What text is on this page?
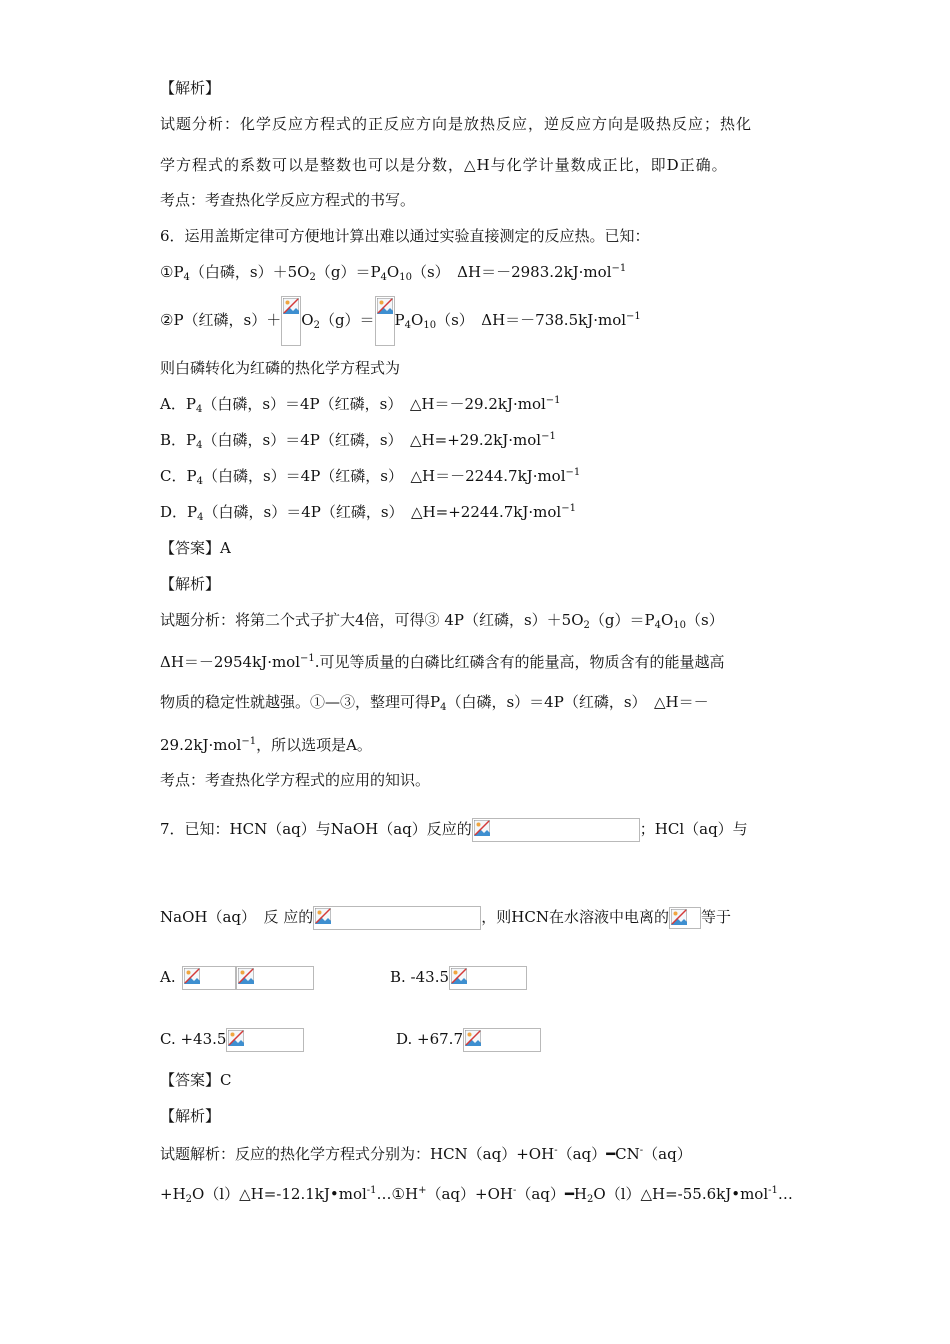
【解析】
试题分析：化学反应方程式的正反应方向是放热反应，逆反应方向是吸热反应；热化
学方程式的系数可以是整数也可以是分数，△H与化学计量数成正比，即D正确。
考点：考查热化学反应方程式的书写。
6．运用盖斯定律可方便地计算出难以通过实验直接测定的反应热。已知：
$①P_4$（白磷，$s)+5O_2(g)=P_4O_{10}(s)$　ΔH＝－2983.2kJ·mol$^{-1}$
②P（红磷，$s)+ O_2(g)= P_4O_{10}(s)$　ΔH＝－738.5kJ·mol$^{-1}$
则白磷转化为红磷的热化学方程式为
A．$P_4$（白磷，s）＝4P（红磷，s）　△H＝－29.2kJ·mol$^{-1}$
B．$P_4$（白磷，s）＝4P（红磷，s）　△H=+29.2kJ·mol$^{-1}$
C．$P_4$（白磷，s）＝4P（红磷，s）　△H＝－2244.7kJ·mol$^{-1}$
D．$P_4$（白磷，s）＝4P（红磷，s）　△H=+2244.7kJ·mol$^{-1}$
【答案】A
【解析】
试题分析：将第二个式子扩大4倍，可得③ 4P（红磷，$s)+5O_2(g)=P_4O_{10}(s)$
ΔH＝－2954kJ·mol$^{-1}$.可见等质量的白磷比红磷含有的能量高，物质含有的能量越高
物质的稳定性就越强。①—③，整理可得$P_4$（白磷，s）＝4P（红磷，s）　△H＝－
29.2kJ·mol$^{-1}$，所以选项是A。
考点：考查热化学方程式的应用的知识。
7．已知：HCN（aq）与NaOH（aq）反应的	；HCl（aq）与
NaOH（aq）　反 应的	，则HCN在水溶液中电离的 等于
A.	B. -43.5
C. +43.5	D. +67.7
【答案】C
【解析】
试题解析：反应的热化学方程式分别为：HCN（aq）+OH-（aq）━CN-（aq）
$+H_2O(l)\triangle H=-12.1kJ•mol^{-1}\dots ①H^+(aq)+OH^-(aq)━H_2O(l)\triangle H=-55.6kJ•mol^{-1}\dots$
